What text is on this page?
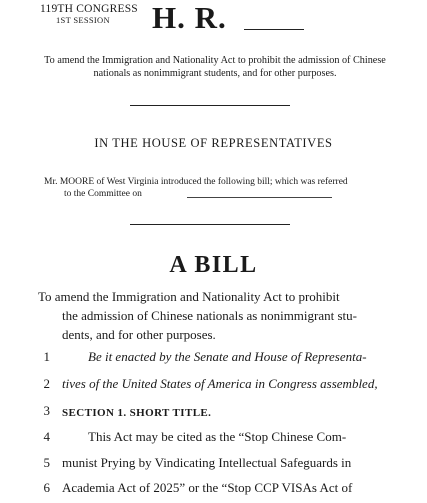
119TH CONGRESS
1ST SESSION H. R.
To amend the Immigration and Nationality Act to prohibit the admission of Chinese nationals as nonimmigrant students, and for other purposes.
IN THE HOUSE OF REPRESENTATIVES
Mr. MOORE of West Virginia introduced the following bill; which was referred
to the Committee on
A BILL
To amend the Immigration and Nationality Act to prohibit
the admission of Chinese nationals as nonimmigrant stu-
dents, and for other purposes.
1	Be it enacted by the Senate and House of Representa-
2 tives of the United States of America in Congress assembled,
3 SECTION 1. SHORT TITLE.
4	This Act may be cited as the “Stop Chinese Com-
5 munist Prying by Vindicating Intellectual Safeguards in
6 Academia Act of 2025” or the “Stop CCP VISAs Act of
